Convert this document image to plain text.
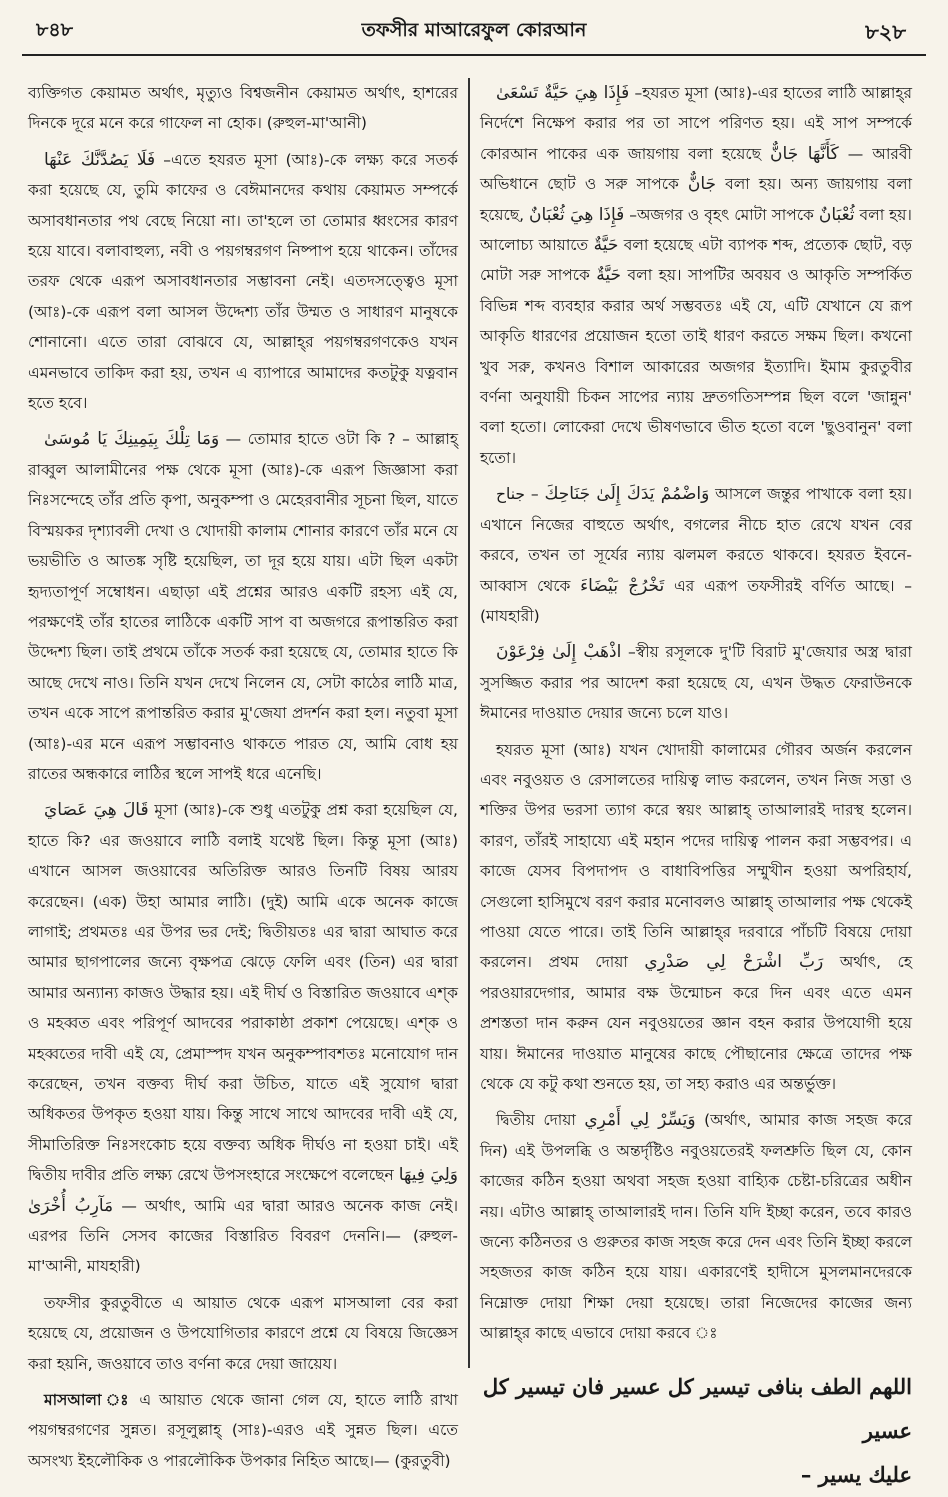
৮৪৮	তফসীর মাআরেফুল কোরআন	৮২৮

ব্যক্তিগত কেয়ামত অর্থাৎ, মৃত্যুও বিশ্বজনীন কেয়ামত অর্থাৎ, হাশরের দিনকে দূরে মনে করে গাফেল না হোক। (রুহুল-মা'আনী)

فَلَا يَصُدَّنَّكَ عَنْهَا –এতে হযরত মূসা (আঃ)-কে লক্ষ্য করে সতর্ক করা হয়েছে যে, তুমি কাফের ও বেঈমানদের কথায় কেয়ামত সম্পর্কে অসাবধানতার পথ বেছে নিয়ো না। তা'হলে তা তোমার ধ্বংসের কারণ হয়ে যাবে। বলাবাহুল্য, নবী ও পয়গম্বরগণ নিষ্পাপ হয়ে থাকেন। তাঁদের তরফ থেকে এরূপ অসাবধানতার সম্ভাবনা নেই। এতদসত্ত্বেও মূসা (আঃ)-কে এরূপ বলা আসল উদ্দেশ্য তাঁর উম্মত ও সাধারণ মানুষকে শোনানো। এতে তারা বোঝবে যে, আল্লাহ্‌র পয়গম্বরগণকেও যখন এমনভাবে তাকিদ করা হয়, তখন এ ব্যাপারে আমাদের কতটুকু যত্নবান হতে হবে।

وَمَا تِلْكَ بِيَمِينِكَ يَا مُوسَىٰ — তোমার হাতে ওটা কি ? – আল্লাহ্‌ রাব্বুল আলামীনের পক্ষ থেকে মূসা (আঃ)-কে এরূপ জিজ্ঞাসা করা নিঃসন্দেহে তাঁর প্রতি কৃপা, অনুকম্পা ও মেহেরবানীর সূচনা ছিল, যাতে বিস্ময়কর দৃশ্যাবলী দেখা ও খোদায়ী কালাম শোনার কারণে তাঁর মনে যে ভয়ভীতি ও আতঙ্ক সৃষ্টি হয়েছিল, তা দূর হয়ে যায়। এটা ছিল একটা হৃদ্যতাপূর্ণ সম্বোধন। এছাড়া এই প্রশ্নের আরও একটি রহস্য এই যে, পরক্ষণেই তাঁর হাতের লাঠিকে একটি সাপ বা অজগরে রূপান্তরিত করা উদ্দেশ্য ছিল। তাই প্রথমে তাঁকে সতর্ক করা হয়েছে যে, তোমার হাতে কি আছে দেখে নাও। তিনি যখন দেখে নিলেন যে, সেটা কাঠের লাঠি মাত্র, তখন একে সাপে রূপান্তরিত করার মু'জেযা প্রদর্শন করা হল। নতুবা মূসা (আঃ)-এর মনে এরূপ সম্ভাবনাও থাকতে পারত যে, আমি বোধ হয় রাতের অন্ধকারে লাঠির স্থলে সাপই ধরে এনেছি।

قَالَ هِيَ عَصَايَ মূসা (আঃ)-কে শুধু এতটুকু প্রশ্ন করা হয়েছিল যে, হাতে কি? এর জওয়াবে লাঠি বলাই যথেষ্ট ছিল। কিন্তু মূসা (আঃ) এখানে আসল জওয়াবের অতিরিক্ত আরও তিনটি বিষয় আরয করেছেন। (এক) উহা আমার লাঠি। (দুই) আমি একে অনেক কাজে লাগাই; প্রথমতঃ এর উপর ভর দেই; দ্বিতীয়তঃ এর দ্বারা আঘাত করে আমার ছাগপালের জন্যে বৃক্ষপত্র ঝেড়ে ফেলি এবং (তিন) এর দ্বারা আমার অন্যান্য কাজও উদ্ধার হয়। এই দীর্ঘ ও বিস্তারিত জওয়াবে এশ্‌ক ও মহব্বত এবং পরিপূর্ণ আদবের পরাকাষ্ঠা প্রকাশ পেয়েছে। এশ্‌ক ও মহব্বতের দাবী এই যে, প্রেমাস্পদ যখন অনুকম্পাবশতঃ মনোযোগ দান করেছেন, তখন বক্তব্য দীর্ঘ করা উচিত, যাতে এই সুযোগ দ্বারা অধিকতর উপকৃত হওয়া যায়। কিন্তু সাথে সাথে আদবের দাবী এই যে, সীমাতিরিক্ত নিঃসংকোচ হয়ে বক্তব্য অধিক দীর্ঘও না হওয়া চাই। এই দ্বিতীয় দাবীর প্রতি লক্ষ্য রেখে উপসংহারে সংক্ষেপে বলেছেন وَلِيَ فِيهَا مَآرِبُ أُخْرَىٰ — অর্থাৎ, আমি এর দ্বারা আরও অনেক কাজ নেই। এরপর তিনি সেসব কাজের বিস্তারিত বিবরণ দেননি।— (রুহুল-মা'আনী, মাযহারী)

তফসীর কুরতুবীতে এ আয়াত থেকে এরূপ মাসআলা বের করা হয়েছে যে, প্রয়োজন ও উপযোগিতার কারণে প্রশ্নে যে বিষয়ে জিজ্ঞেস করা হয়নি, জওয়াবে তাও বর্ণনা করে দেয়া জায়েয।

মাসআলা ঃ এ আয়াত থেকে জানা গেল যে, হাতে লাঠি রাখা পয়গম্বরগণের সুন্নত। রসূলুল্লাহ্‌ (সাঃ)-এরও এই সুন্নত ছিল। এতে অসংখ্য ইহলৌকিক ও পারলৌকিক উপকার নিহিত আছে।— (কুরতুবী)

فَإِذَا هِيَ حَيَّةٌ تَسْعَىٰ –হযরত মূসা (আঃ)-এর হাতের লাঠি আল্লাহ্‌র নির্দেশে নিক্ষেপ করার পর তা সাপে পরিণত হয়। এই সাপ সম্পর্কে কোরআন পাকের এক জায়গায় বলা হয়েছে كَأَنَّهَا جَانٌّ — আরবী অভিধানে ছোট ও সরু সাপকে جَانٌّ বলা হয়। অন্য জায়গায় বলা হয়েছে, فَإِذَا هِيَ ثُعْبَانٌ –অজগর ও বৃহৎ মোটা সাপকে ثُعْبَانٌ বলা হয়। আলোচ্য আয়াতে حَيَّةٌ বলা হয়েছে এটা ব্যাপক শব্দ, প্রত্যেক ছোট, বড় মোটা সরু সাপকে حَيَّةٌ বলা হয়। সাপটির অবয়ব ও আকৃতি সম্পর্কিত বিভিন্ন শব্দ ব্যবহার করার অর্থ সম্ভবতঃ এই যে, এটি যেখানে যে রূপ আকৃতি ধারণের প্রয়োজন হতো তাই ধারণ করতে সক্ষম ছিল। কখনো খুব সরু, কখনও বিশাল আকারের অজগর ইত্যাদি। ইমাম কুরতুবীর বর্ণনা অনুযায়ী চিকন সাপের ন্যায় দ্রুতগতিসম্পন্ন ছিল বলে 'জান্নুন' বলা হতো। লোকেরা দেখে ভীষণভাবে ভীত হতো বলে 'ছুওবানুন' বলা হতো।

وَاضْمُمْ يَدَكَ إِلَىٰ جَنَاحِكَ – جناح আসলে জন্তুর পাখাকে বলা হয়। এখানে নিজের বাহুতে অর্থাৎ, বগলের নীচে হাত রেখে যখন বের করবে, তখন তা সূর্যের ন্যায় ঝলমল করতে থাকবে। হযরত ইবনে-আব্বাস থেকে تَخْرُجْ بَيْضَاءَ এর এরূপ তফসীরই বর্ণিত আছে। –(মাযহারী)

اذْهَبْ إِلَىٰ فِرْعَوْنَ –স্বীয় রসূলকে দু'টি বিরাট মু'জেযার অস্ত্র দ্বারা সুসজ্জিত করার পর আদেশ করা হয়েছে যে, এখন উদ্ধত ফেরাউনকে ঈমানের দাওয়াত দেয়ার জন্যে চলে যাও।

হযরত মূসা (আঃ) যখন খোদায়ী কালামের গৌরব অর্জন করলেন এবং নবুওয়ত ও রেসালতের দায়িত্ব লাভ করলেন, তখন নিজ সত্তা ও শক্তির উপর ভরসা ত্যাগ করে স্বয়ং আল্লাহ্‌ তাআলারই দারস্থ হলেন। কারণ, তাঁরই সাহায্যে এই মহান পদের দায়িত্ব পালন করা সম্ভবপর। এ কাজে যেসব বিপদাপদ ও বাধাবিপত্তির সম্মুখীন হওয়া অপরিহার্য, সেগুলো হাসিমুখে বরণ করার মনোবলও আল্লাহ্‌ তাআলার পক্ষ থেকেই পাওয়া যেতে পারে। তাই তিনি আল্লাহ্‌র দরবারে পাঁচটি বিষয়ে দোয়া করলেন। প্রথম দোয়া رَبِّ اشْرَحْ لِي صَدْرِي অর্থাৎ, হে পরওয়ারদেগার, আমার বক্ষ উন্মোচন করে দিন এবং এতে এমন প্রশস্ততা দান করুন যেন নবুওয়তের জ্ঞান বহন করার উপযোগী হয়ে যায়। ঈমানের দাওয়াত মানুষের কাছে পৌছানোর ক্ষেত্রে তাদের পক্ষ থেকে যে কটু কথা শুনতে হয়, তা সহ্য করাও এর অন্তর্ভুক্ত।

দ্বিতীয় দোয়া وَيَسِّرْ لِي أَمْرِي (অর্থাৎ, আমার কাজ সহজ করে দিন) এই উপলব্ধি ও অন্তর্দৃষ্টিও নবুওয়তেরই ফলশ্রুতি ছিল যে, কোন কাজের কঠিন হওয়া অথবা সহজ হওয়া বাহ্যিক চেষ্টা-চরিত্রের অধীন নয়। এটাও আল্লাহ্‌ তাআলারই দান। তিনি যদি ইচ্ছা করেন, তবে কারও জন্যে কঠিনতর ও গুরুতর কাজ সহজ করে দেন এবং তিনি ইচ্ছা করলে সহজতর কাজ কঠিন হয়ে যায়। একারণেই হাদীসে মুসলমানদেরকে নিম্নোক্ত দোয়া শিক্ষা দেয়া হয়েছে। তারা নিজেদের কাজের জন্য আল্লাহ্‌র কাছে এভাবে দোয়া করবে ঃ

اللهم الطف بنافى تيسير كل عسير فان تيسير كل عسير
عليك يسير –
